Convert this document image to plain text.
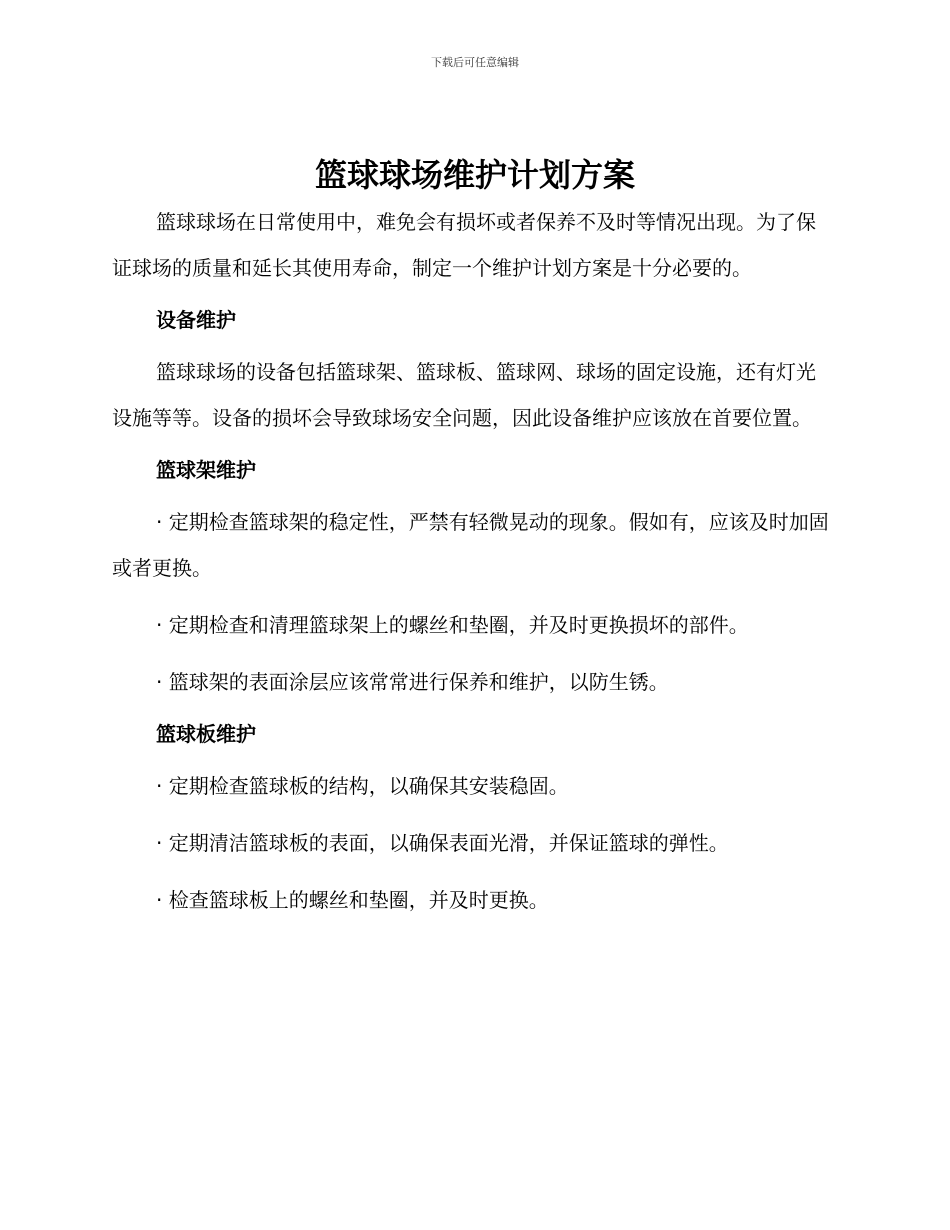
下载后可任意编辑
篮球球场维护计划方案

篮球球场在日常使用中，难免会有损坏或者保养不及时等情况出现。为了保证球场的质量和延长其使用寿命，制定一个维护计划方案是十分必要的。

设备维护

篮球球场的设备包括篮球架、篮球板、篮球网、球场的固定设施，还有灯光设施等等。设备的损坏会导致球场安全问题，因此设备维护应该放在首要位置。

篮球架维护

· 定期检查篮球架的稳定性，严禁有轻微晃动的现象。假如有，应该及时加固或者更换。

· 定期检查和清理篮球架上的螺丝和垫圈，并及时更换损坏的部件。

· 篮球架的表面涂层应该常常进行保养和维护，以防生锈。

篮球板维护

· 定期检查篮球板的结构，以确保其安装稳固。

· 定期清洁篮球板的表面，以确保表面光滑，并保证篮球的弹性。

· 检查篮球板上的螺丝和垫圈，并及时更换。
